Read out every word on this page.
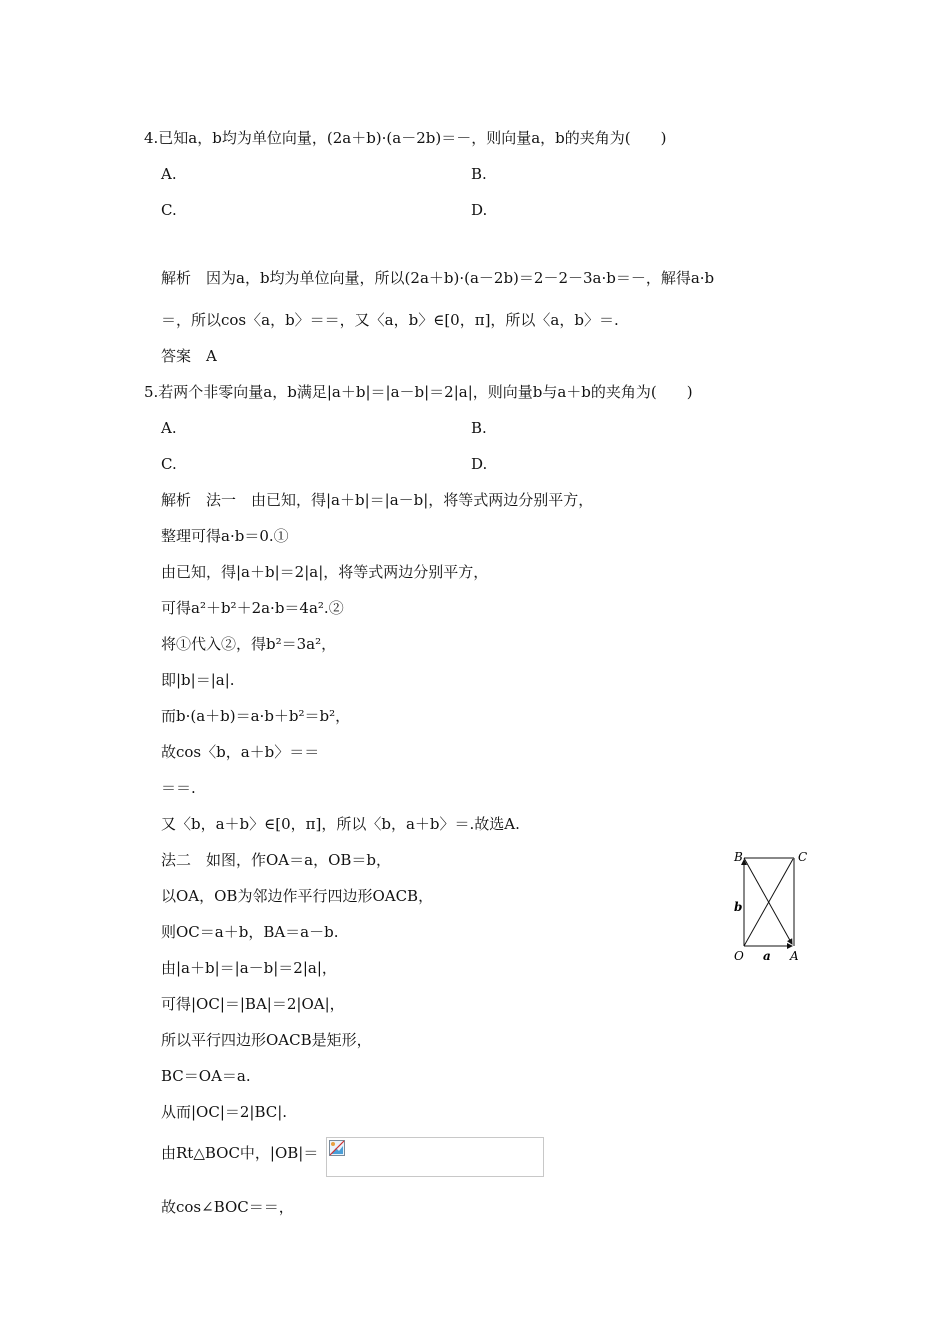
4.已知a，b均为单位向量，(2a＋b)·(a－2b)＝－，则向量a，b的夹角为(　　)
A.	B.
C.	D.
解析　因为a，b均为单位向量，所以(2a＋b)·(a－2b)＝2－2－3a·b＝－，解得a·b
＝，所以cos〈a，b〉＝＝，又〈a，b〉∈[0，π]，所以〈a，b〉＝.
答案　A
5.若两个非零向量a，b满足|a＋b|＝|a－b|＝2|a|，则向量b与a＋b的夹角为(　　)
A.	B.
C.	D.
解析　法一　由已知，得|a＋b|＝|a－b|，将等式两边分别平方，
整理可得a·b＝0.①
由已知，得|a＋b|＝2|a|，将等式两边分别平方，
可得a²＋b²＋2a·b＝4a².②
将①代入②，得b²＝3a²，
即|b|＝|a|.
而b·(a＋b)＝a·b＋b²＝b²，
故cos〈b，a＋b〉＝＝
＝＝.
又〈b，a＋b〉∈[0，π]，所以〈b，a＋b〉＝.故选A.
法二　如图，作OA＝a，OB＝b，
以OA，OB为邻边作平行四边形OACB，
则OC＝a＋b，BA＝a－b.
由|a＋b|＝|a－b|＝2|a|，
可得|OC|＝|BA|＝2|OA|，
所以平行四边形OACB是矩形，
BC＝OA＝a.
从而|OC|＝2|BC|.
由Rt△BOC中，|OB|＝
故cos∠BOC＝＝，
B	C
O	A
a
b
